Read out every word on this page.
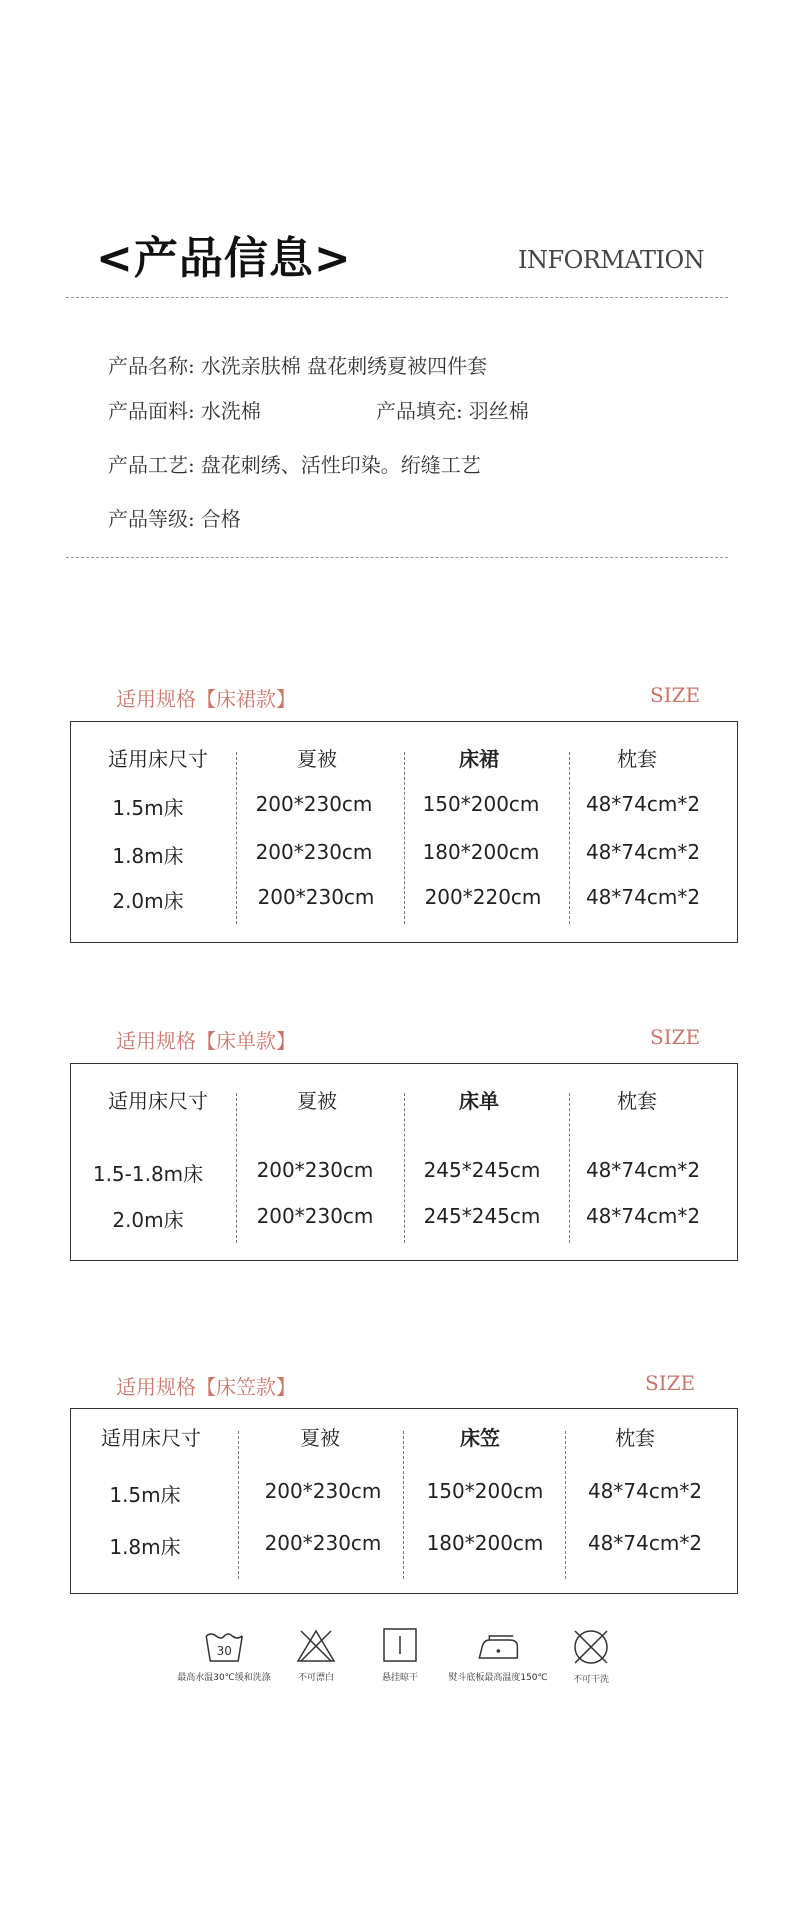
<产品信息>	INFORMATION
产品名称: 水洗亲肤棉 盘花刺绣夏被四件套
产品面料: 水洗棉	产品填充: 羽丝棉
产品工艺: 盘花刺绣、活性印染。绗缝工艺
产品等级: 合格
适用规格【床裙款】	SIZE
适用床尺寸	夏被	床裙	枕套
1.5m床	200*230cm	150*200cm 48*74cm*2
1.8m床	200*230cm	180*200cm 48*74cm*2
2.0m床	200*230cm	200*220cm 48*74cm*2
适用规格【床单款】	SIZE
适用床尺寸	夏被	床单	枕套
1.5-1.8m床	200*230cm	245*245cm 48*74cm*2
2.0m床	200*230cm	245*245cm 48*74cm*2
适用规格【床笠款】	SIZE
适用床尺寸	夏被	床笠	枕套
1.5m床	200*230cm 150*200cm 48*74cm*2
1.8m床	200*230cm 180*200cm 48*74cm*2
30
最高水温30℃缓和洗涤	不可漂白	悬挂晾干	熨斗底板最高温度150℃	不可干洗
